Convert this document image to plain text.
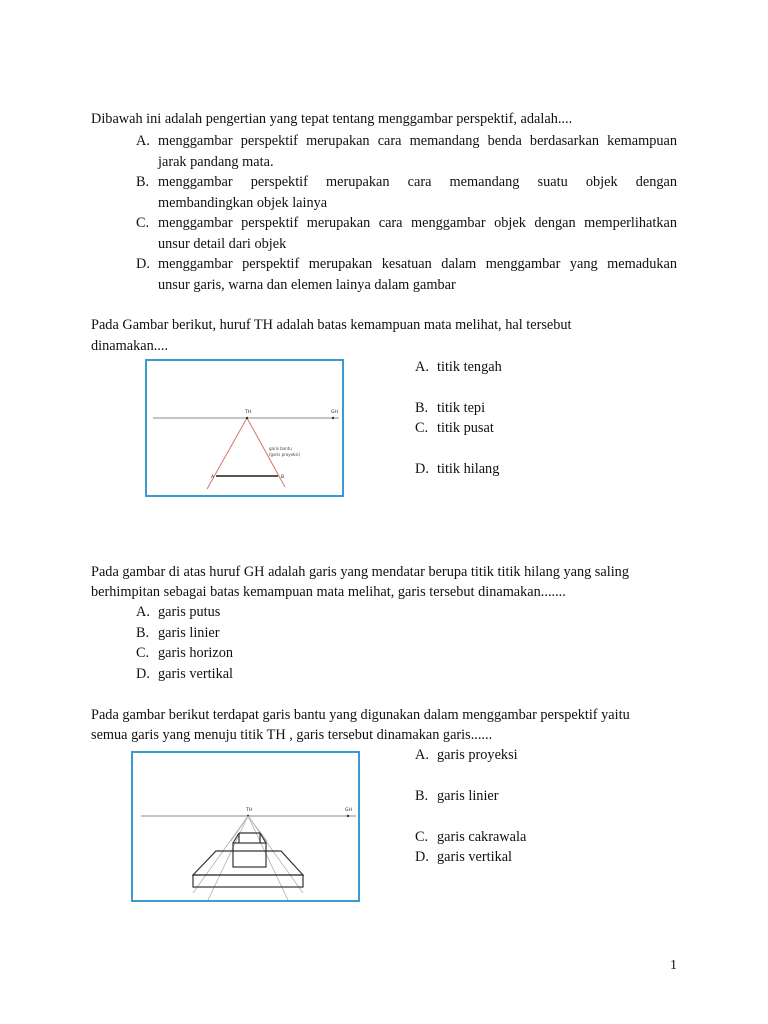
Dibawah ini adalah pengertian yang tepat tentang menggambar perspektif, adalah....
A. menggambar perspektif merupakan cara memandang benda berdasarkan kemampuan
jarak pandang mata.
B. menggambar perspektif merupakan cara memandang suatu objek dengan
membandingkan objek lainya
C. menggambar perspektif merupakan cara menggambar objek dengan memperlihatkan
unsur detail dari objek
D. menggambar perspektif merupakan kesatuan dalam menggambar yang memadukan
unsur garis, warna dan elemen lainya dalam gambar
Pada Gambar berikut, huruf TH adalah batas kemampuan mata melihat, hal tersebut
dinamakan....
TH	GH
A	B
garis bantu
(garis proyeksi)
A. titik tengah
B. titik tepi
C. titik pusat
D. titik hilang
Pada gambar di atas huruf GH adalah garis yang mendatar berupa titik titik hilang yang saling
berhimpitan sebagai batas kemampuan mata melihat, garis tersebut dinamakan.......
A. garis putus
B. garis linier
C. garis horizon
D. garis vertikal
Pada gambar berikut terdapat garis bantu yang digunakan dalam menggambar perspektif yaitu
semua garis yang menuju titik TH , garis tersebut dinamakan garis......
TH	GH
A. garis proyeksi
B. garis linier
C. garis cakrawala
D. garis vertikal
1
